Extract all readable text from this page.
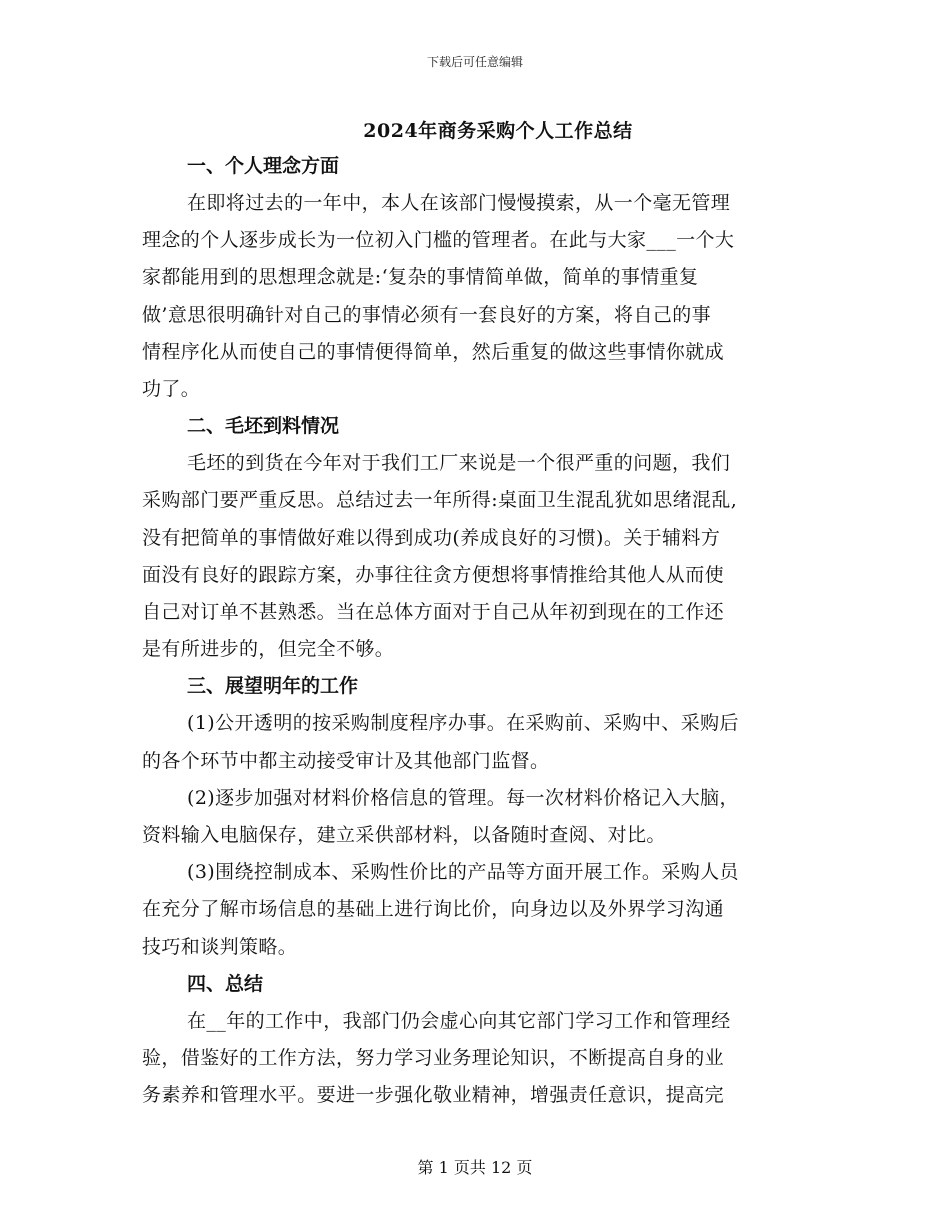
下载后可任意编辑
2024年商务采购个人工作总结
一、个人理念方面

在即将过去的一年中，本人在该部门慢慢摸索，从一个毫无管理
理念的个人逐步成长为一位初入门槛的管理者。在此与大家___一个大
家都能用到的思想理念就是:‘复杂的事情简单做，简单的事情重复
做’意思很明确针对自己的事情必须有一套良好的方案，将自己的事
情程序化从而使自己的事情便得简单，然后重复的做这些事情你就成
功了。

二、毛坯到料情况

毛坯的到货在今年对于我们工厂来说是一个很严重的问题，我们
采购部门要严重反思。总结过去一年所得:桌面卫生混乱犹如思绪混乱,
没有把简单的事情做好难以得到成功(养成良好的习惯)。关于辅料方
面没有良好的跟踪方案，办事往往贪方便想将事情推给其他人从而使
自己对订单不甚熟悉。当在总体方面对于自己从年初到现在的工作还
是有所进步的，但完全不够。

三、展望明年的工作

(1)公开透明的按采购制度程序办事。在采购前、采购中、采购后
的各个环节中都主动接受审计及其他部门监督。

(2)逐步加强对材料价格信息的管理。每一次材料价格记入大脑，
资料输入电脑保存，建立采供部材料，以备随时查阅、对比。

(3)围绕控制成本、采购性价比的产品等方面开展工作。采购人员
在充分了解市场信息的基础上进行询比价，向身边以及外界学习沟通
技巧和谈判策略。

四、总结

在__年的工作中，我部门仍会虚心向其它部门学习工作和管理经
验，借鉴好的工作方法，努力学习业务理论知识，不断提高自身的业
务素养和管理水平。要进一步强化敬业精神，增强责任意识，提高完

第 1 页共 12 页
